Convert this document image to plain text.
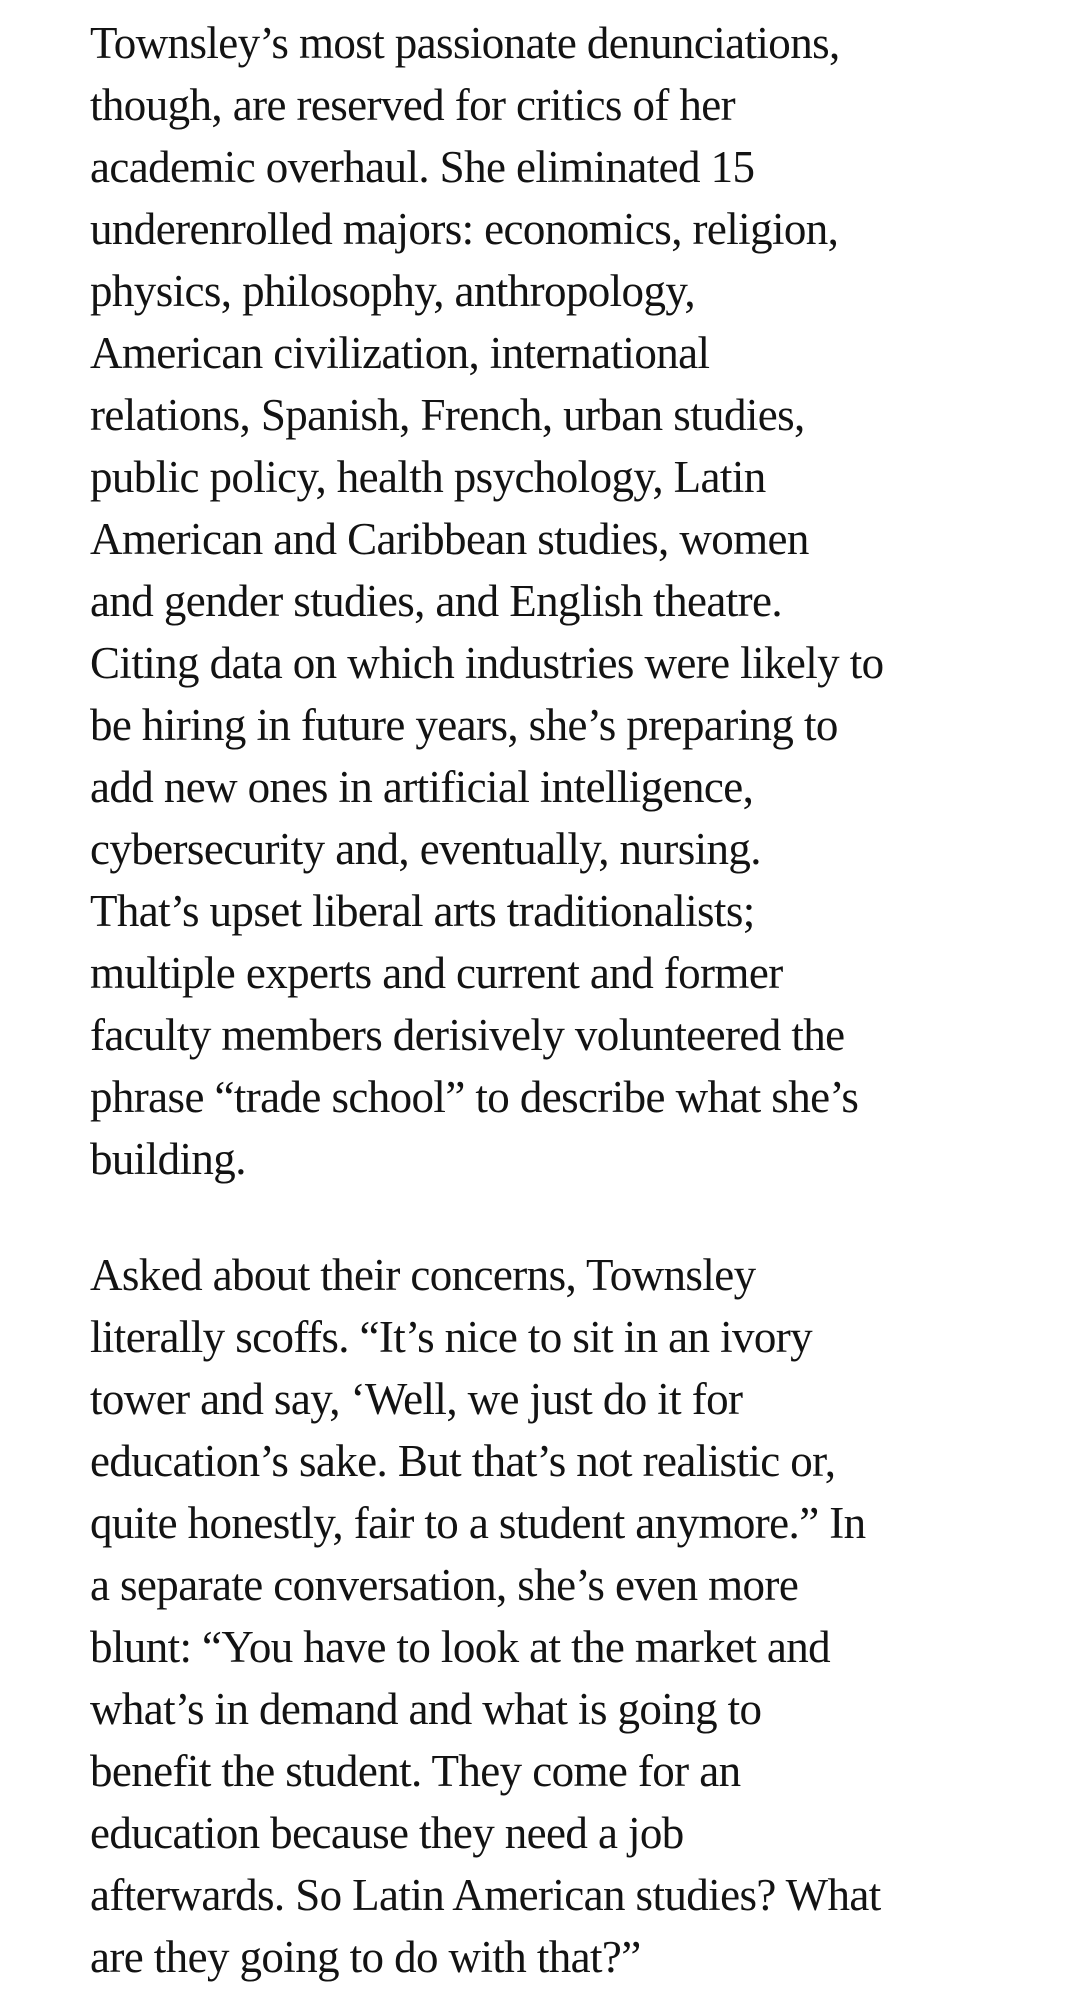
Townsley’s most passionate denunciations,
though, are reserved for critics of her
academic overhaul. She eliminated 15
underenrolled majors: economics, religion,
physics, philosophy, anthropology,
American civilization, international
relations, Spanish, French, urban studies,
public policy, health psychology, Latin
American and Caribbean studies, women
and gender studies, and English theatre.
Citing data on which industries were likely to
be hiring in future years, she’s preparing to
add new ones in artificial intelligence,
cybersecurity and, eventually, nursing.
That’s upset liberal arts traditionalists;
multiple experts and current and former
faculty members derisively volunteered the
phrase “trade school” to describe what she’s
building.

Asked about their concerns, Townsley
literally scoffs. “It’s nice to sit in an ivory
tower and say, ‘Well, we just do it for
education’s sake. But that’s not realistic or,
quite honestly, fair to a student anymore.” In
a separate conversation, she’s even more
blunt: “You have to look at the market and
what’s in demand and what is going to
benefit the student. They come for an
education because they need a job
afterwards. So Latin American studies? What
are they going to do with that?”
